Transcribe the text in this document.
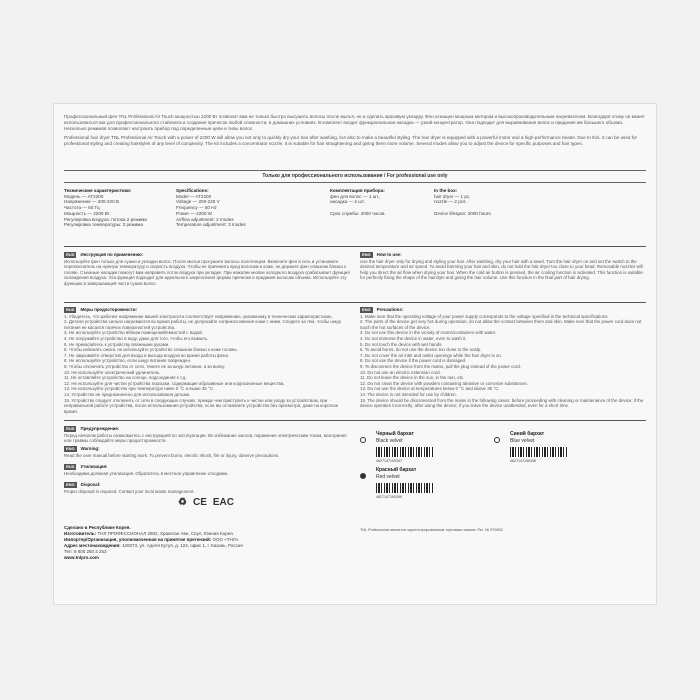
Профессиональный фен TNL Professional Air Touch мощностью 2200 Вт позволит вам не только быстро высушить волосы после мытья, но и сделать красивую укладку. Фен оснащен мощным мотором и высокопроизводительным нагревателем. Благодаря этому он может использоваться как для профессионального стайлинга и создания причесок любой сложности, в домашних условиях. В комплект входит функциональная насадка — узкий концентратор. Она подходит для выравнивания волос и придания им большего объема. Несколько режимов позволяют настроить прибор под определенные цели и типы волос.

Professional hair dryer TNL Professional Air Touch with a power of 2200 W will allow you not only to quickly dry your hair after washing, but also to make a beautiful styling. The hair dryer is equipped with a powerful motor and a high-performance heater. Due to this, it can be used for professional styling and creating hairstyles of any level of complexity. The kit includes a concentrator nozzle. It is suitable for hair straightening and giving them more volume. Several modes allow you to adjust the device for specific purposes and hair types.

Только для профессионального использования / For professional use only
Технические характеристики:
Модель — AT2200
Напряжение — 200-220 В
Частота — 50 Гц
Мощность — 2200 Вт
Регулировка воздуха: потока 2 режима
Регулировка температуры: 3 режима
Specifications:
Model — AT2200
Voltage — 200-220 V
Frequency — 50 Hz
Power — 2200 W
Airflow adjustment: 2 modes
Temperature adjustment: 3 modes
Комплектация прибора:
фен для волос — 1 шт.,
насадка — 2 шт.
Срок службы: 2000 часов.
In the box:
hair dryer — 1 pc,
nozzle — 2 pcs.
Device lifespan: 2000 hours.
RUS	Инструкция по применению:

Используйте фен только для сушки и укладки волос. После мытья просушите волосы полотенцем. Включите фен в сеть и установите переключатель на нужную температуру и скорость воздуха. Чтобы не причинить вред волосам и коже, не держите фен слишком близко к голове. Съемные насадки помогут вам направить поток воздуха при укладке. При нажатии кнопки холодного воздуха срабатывает функция охлаждения воздуха. Эта функция подходит для идеального закрепления формы прически и придания волосам объема. Используйте эту функцию в завершающей части сушки волос.

ENG	How to use:

Use the hair dryer only for drying and styling your hair. After washing, dry your hair with a towel. Turn the hair dryer on and set the switch to the desired temperature and air speed. To avoid harming your hair and skin, do not hold the hair dryer too close to your head. Removable nozzles will help you direct the air flow when drying your hair. When the cold air button is pressed, the air cooling function is activated. This function is suitable for perfectly fixing the shape of the hairstyle and giving the hair volume. Use this function in the final part of hair drying.

RUS	Меры предосторожности:

1. Убедитесь, что рабочее напряжение вашей электросети соответствует напряжению, указанному в технических характеристиках.

2. Детали устройства сильно нагреваются во время работы, не допускайте соприкосновения кожи с ними. Следите за тем, чтобы шнур питания не касался горячих поверхностей устройства.

3. Не используйте устройство вблизи помещений/емкостей с водой.

4. Не погружайте устройство в воду, даже для того, чтобы его вымыть.

5. Не прикасайтесь к устройству влажными руками.

6. Чтобы избежать ожога, не используйте устройство слишком близко к коже головы.

7. Не закрывайте отверстия для входа и выхода воздуха во время работы фена.

8. Не используйте устройство, если шнур питания поврежден.

9. Чтобы отключить устройство от сети, тяните не за шнур питания, а за вилку.

10. Не используйте электрический удлинитель.

11. Не оставляйте устройство на солнце, подсоединяя к т.д.

12. Не используйте для чистки устройства порошки, содержащие абразивные или коррозионные вещества.

13. Не используйте устройство при температуре ниже 0 °С и выше 35 °С.

14. Устройство не предназначено для использования детьми.

15. Устройство следует отключить от сети в следующих случаях: прежде чем приступить к чистке или уходу за устройством, при неправильной работе устройства, после использования устройства; если вы оставляете устройство без присмотра, даже на короткое время.

ENG	Precautions:

1. Make sure that the operating voltage of your power supply corresponds to the voltage specified in the technical specifications.

2. The parts of the device get very hot during operation, do not allow the contact between them and skin. Make sure that the power cord does not touch the hot surfaces of the device.

3. Do not use this device in the vicinity of rooms/containers with water.

4. Do not immerse the device in water, even to wash it.

5. Do not touch the device with wet hands.

6. To avoid burns, do not use the device too close to the scalp.

7. Do not cover the air inlet and outlet openings while the hair dryer is on.

8. Do not use the device if the power cord is damaged.

9. To disconnect the device from the mains, pull the plug instead of the power cord.

10. Do not use an electric extension cord.

11. Do not leave the device in the sun, in the rain, etc.

12. Do not clean the device with powders containing abrasive or corrosive substances.

13. Do not use the device at temperatures below 0 °C and above 35 °C.

14. The device is not intended for use by children.

15. The device should be disconnected from the mains in the following cases: before proceeding with cleaning or maintenance of the device; if the device operates incorrectly; after using the device; if you leave the device unattended, even for a short time.

RUS	Предупреждение:

Перед началом работы ознакомьтесь с инструкцией по эксплуатации. Во избежание ожогов, поражения электрическим током, возгорания или травмы соблюдайте меры предосторожности.

ENG	Warning:

Read the user manual before starting work. To prevent burns, electric shock, fire or injury, observe precautions.

RUS	Утилизация:

Необходима должная утилизация. Обратитесь в местное управление отходами.

ENG	Disposal:

Proper disposal is required. Contact your local waste management.

Черный бархат
Black velvet
4627147150397
Синий бархат
Blue velvet
4627147150398
Красный бархат
Red velvet
4627147150399
♻ CE EAC
Сделано в Республике Корея.
Изготовитель: ТНЛ ПРОФЕССИОНАЛ 2902, Хрангсан Аве, Сеул, Южная Корея.
Импортер/Организация, уполномоченная на принятие претензий: ООО «ТНЛ».
Адрес местонахождения: 420073, ул. Аделя Кутуя, д. 124, офис 1, г. Казань, Россия
Тел: 8 800 250 3 253
www.tnlpro.com
TNL Professional является зарегистрированным торговым знаком. Рег. № 579852
